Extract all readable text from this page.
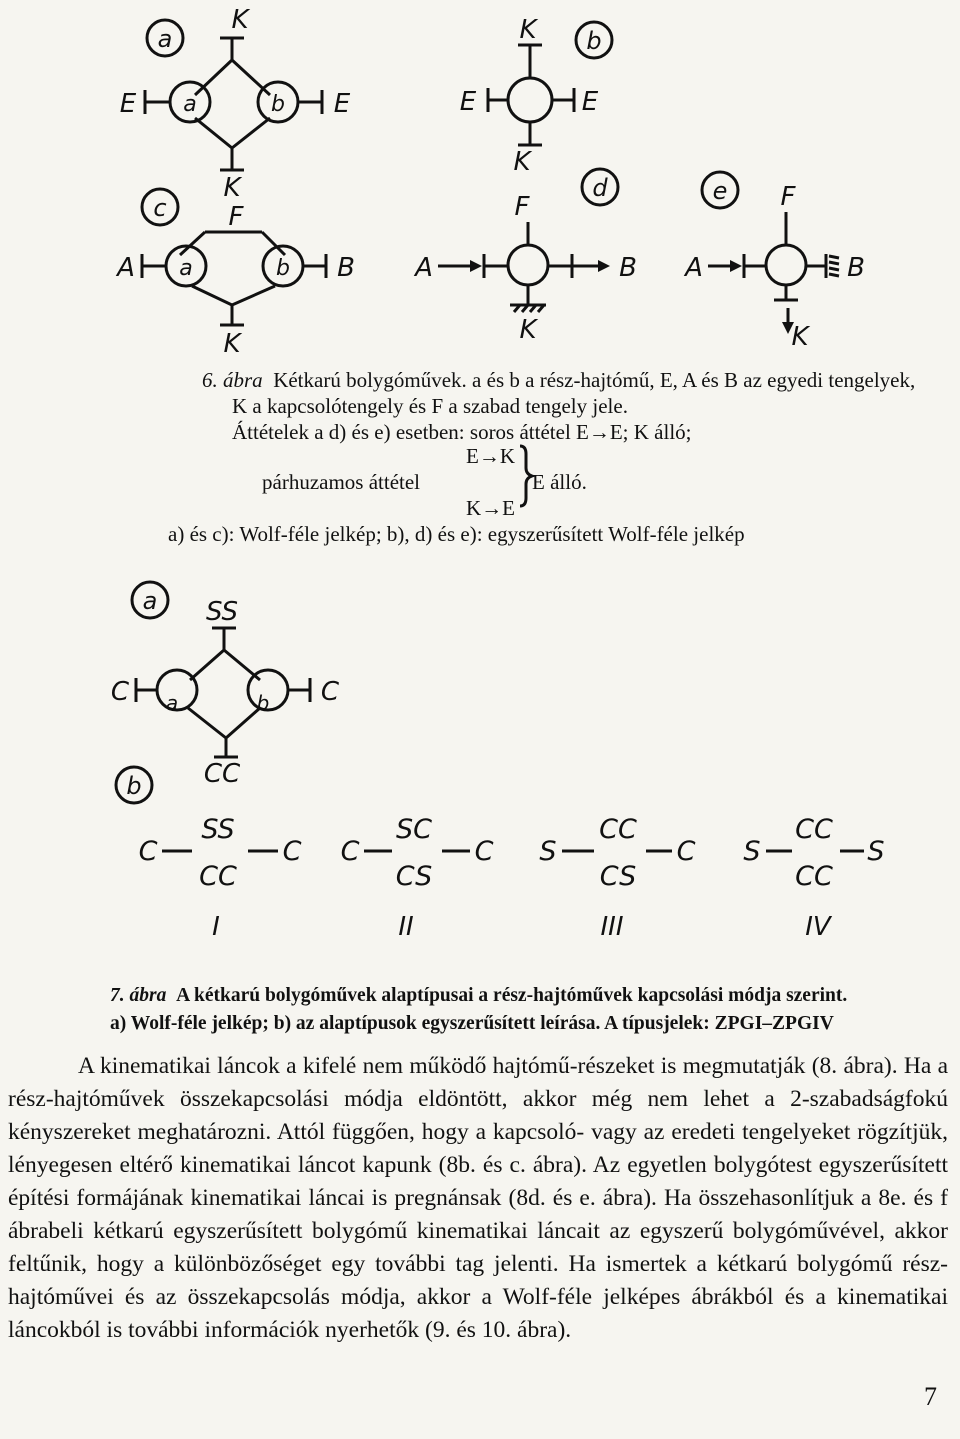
a
K
a	b
E	E
K
K
E	E
K
b
c F
a	b
A	B
K
d
F
A	B
K
e F
A	B
K
a SS
a	b
C	C
CC
b
SS
C	C
CC
I
SC
C	C
CS
II
CC
S	C
CS
III
CC
S	S
CC
IV
6. ábra Kétkarú bolygóművek. a és b a rész-hajtómű, E, A és B az egyedi tengelyek,
K a kapcsolótengely és F a szabad tengely jele.
Áttételek a d) és e) esetben: soros áttétel E→E; K álló;
E→K
párhuzamos áttétel	E álló.
K→E
a) és c): Wolf-féle jelkép; b), d) és e): egyszerűsített Wolf-féle jelkép
7. ábra A kétkarú bolygóművek alaptípusai a rész-hajtóművek kapcsolási módja szerint.
a) Wolf-féle jelkép; b) az alaptípusok egyszerűsített leírása. A típusjelek: ZPGI–ZPGIV

A kinematikai láncok a kifelé nem működő hajtómű-részeket is megmutatják (8. ábra). Ha a rész-hajtóművek összekapcsolási módja eldöntött, akkor még nem lehet a 2-szabadságfokú kényszereket meghatározni. Attól függően, hogy a kapcsoló- vagy az eredeti tengelyeket rögzítjük, lényegesen eltérő kinematikai láncot kapunk (8b. és c. ábra). Az egyetlen bolygótest egyszerűsített építési formájának kinematikai láncai is pregnánsak (8d. és e. ábra). Ha összehasonlítjuk a 8e. és f ábrabeli kétkarú egyszerűsített bolygómű kinematikai láncait az egyszerű bolygóművével, akkor feltűnik, hogy a különbözőséget egy további tag jelenti. Ha ismertek a kétkarú bolygómű rész-hajtóművei és az összekapcsolás módja, akkor a Wolf-féle jelképes ábrákból és a kinematikai láncokból is további információk nyerhetők (9. és 10. ábra).

7
